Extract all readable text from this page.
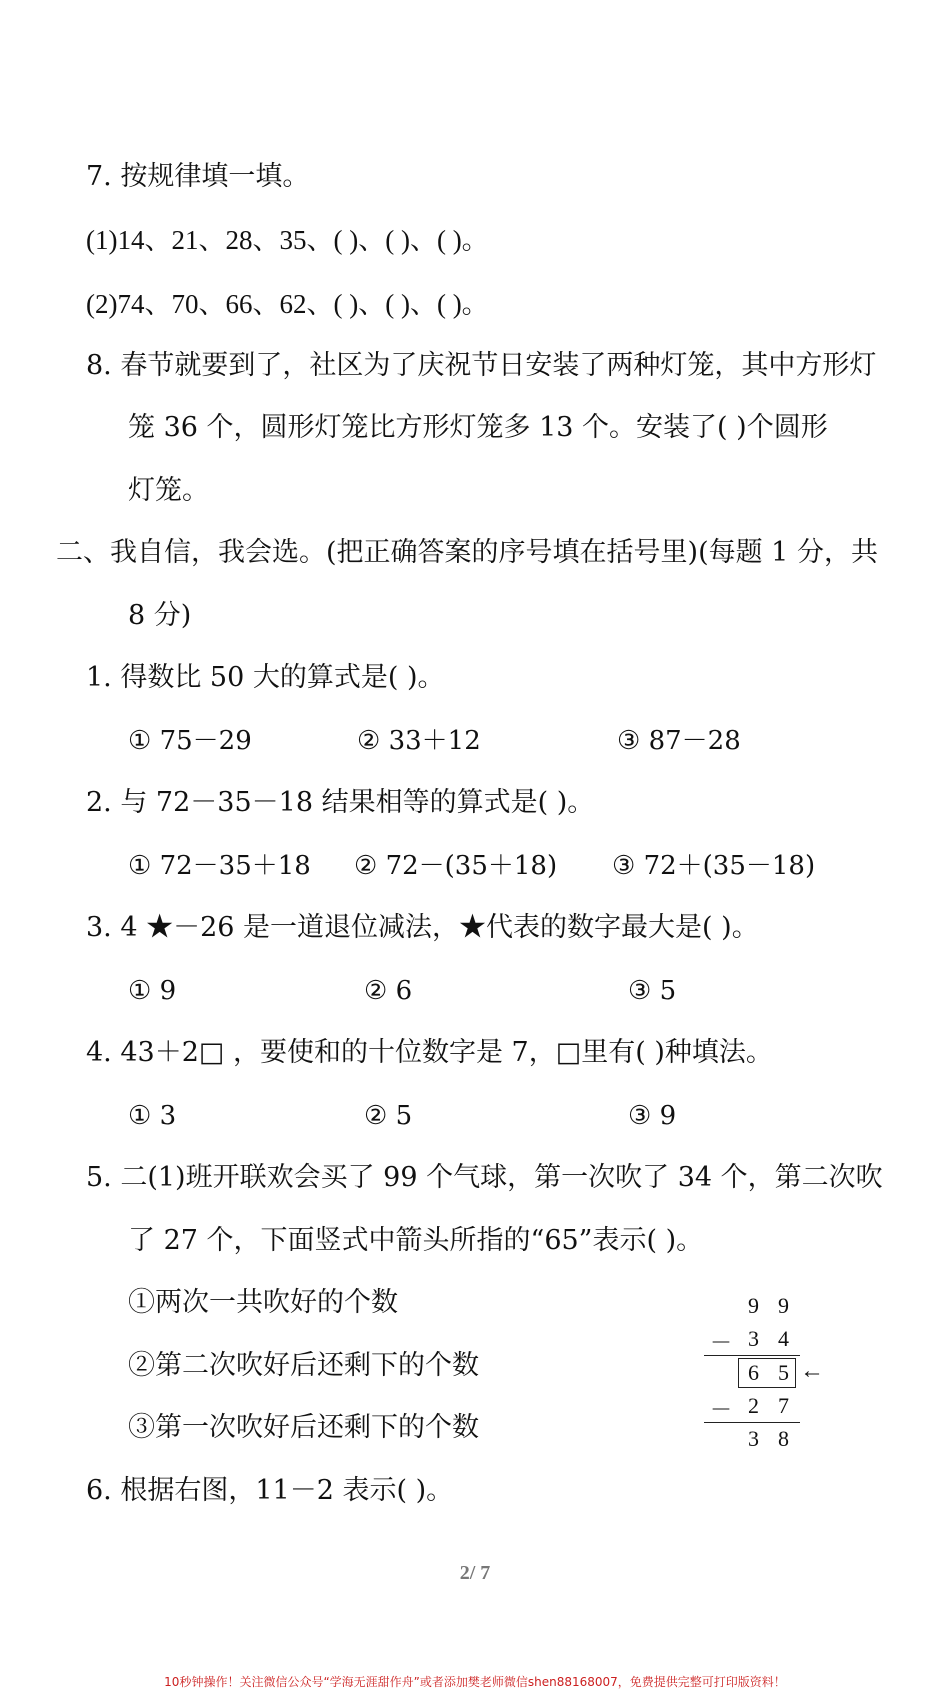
7. 按规律填一填。
(1)14、21、28、35、( )、( )、( )。
(2)74、70、66、62、( )、( )、( )。
8. 春节就要到了，社区为了庆祝节日安装了两种灯笼，其中方形灯
笼 36 个，圆形灯笼比方形灯笼多 13 个。安装了( )个圆形
灯笼。
二、我自信，我会选。(把正确答案的序号填在括号里)(每题 1 分，共
8 分)
1. 得数比 50 大的算式是( )。
① 75－29	② 33＋12	③ 87－28
2. 与 72－35－18 结果相等的算式是( )。
① 72－35＋18 ② 72－(35＋18) ③ 72＋(35－18)
3. 4 ★－26 是一道退位减法，★代表的数字最大是( )。
① 9	② 6	③ 5
4. 43＋2□ ，要使和的十位数字是 7，□里有( )种填法。
① 3	② 5	③ 9
5. 二(1)班开联欢会买了 99 个气球，第一次吹了 34 个，第二次吹
了 27 个，下面竖式中箭头所指的“65”表示( )。
①两次一共吹好的个数
②第二次吹好后还剩下的个数
③第一次吹好后还剩下的个数
9 9
－ 3 4
6 5 ←
－ 2 7
3 8
6. 根据右图，11－2 表示( )。
2/ 7
10秒钟操作！关注微信公众号“学海无涯甜作舟”或者添加樊老师微信shen88168007，免费提供完整可打印版资料！
